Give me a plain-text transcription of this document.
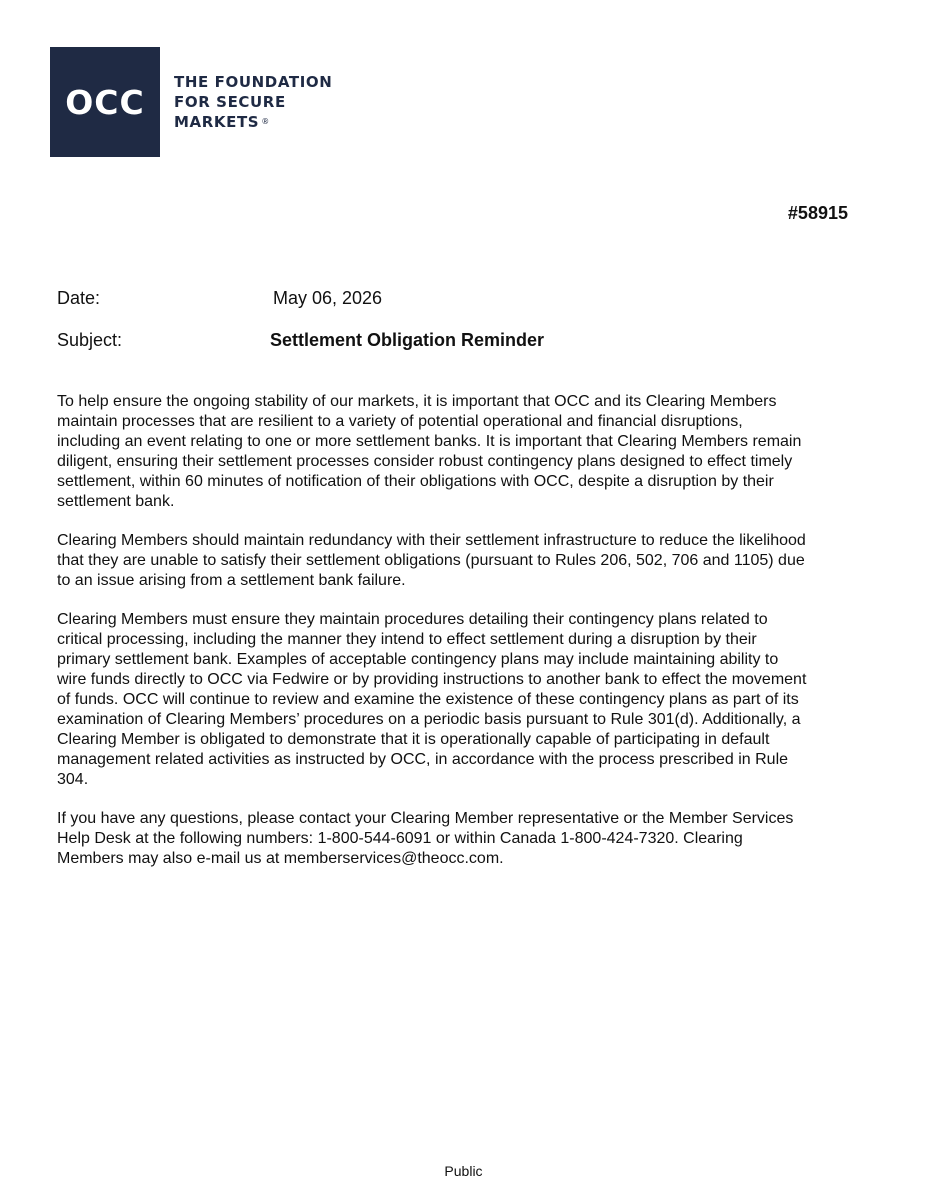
OCC
THE FOUNDATION
FOR SECURE
MARKETS ®
#58915
Date:	May 06, 2026
Subject:	Settlement Obligation Reminder

To help ensure the ongoing stability of our markets, it is important that OCC and its Clearing Members
maintain processes that are resilient to a variety of potential operational and financial disruptions,
including an event relating to one or more settlement banks. It is important that Clearing Members remain
diligent, ensuring their settlement processes consider robust contingency plans designed to effect timely
settlement, within 60 minutes of notification of their obligations with OCC, despite a disruption by their
settlement bank.

Clearing Members should maintain redundancy with their settlement infrastructure to reduce the likelihood
that they are unable to satisfy their settlement obligations (pursuant to Rules 206, 502, 706 and 1105) due
to an issue arising from a settlement bank failure.

Clearing Members must ensure they maintain procedures detailing their contingency plans related to
critical processing, including the manner they intend to effect settlement during a disruption by their
primary settlement bank. Examples of acceptable contingency plans may include maintaining ability to
wire funds directly to OCC via Fedwire or by providing instructions to another bank to effect the movement
of funds. OCC will continue to review and examine the existence of these contingency plans as part of its
examination of Clearing Members’ procedures on a periodic basis pursuant to Rule 301(d). Additionally, a
Clearing Member is obligated to demonstrate that it is operationally capable of participating in default
management related activities as instructed by OCC, in accordance with the process prescribed in Rule
304.

If you have any questions, please contact your Clearing Member representative or the Member Services
Help Desk at the following numbers: 1-800-544-6091 or within Canada 1-800-424-7320. Clearing
Members may also e-mail us at memberservices@theocc.com.

Public
